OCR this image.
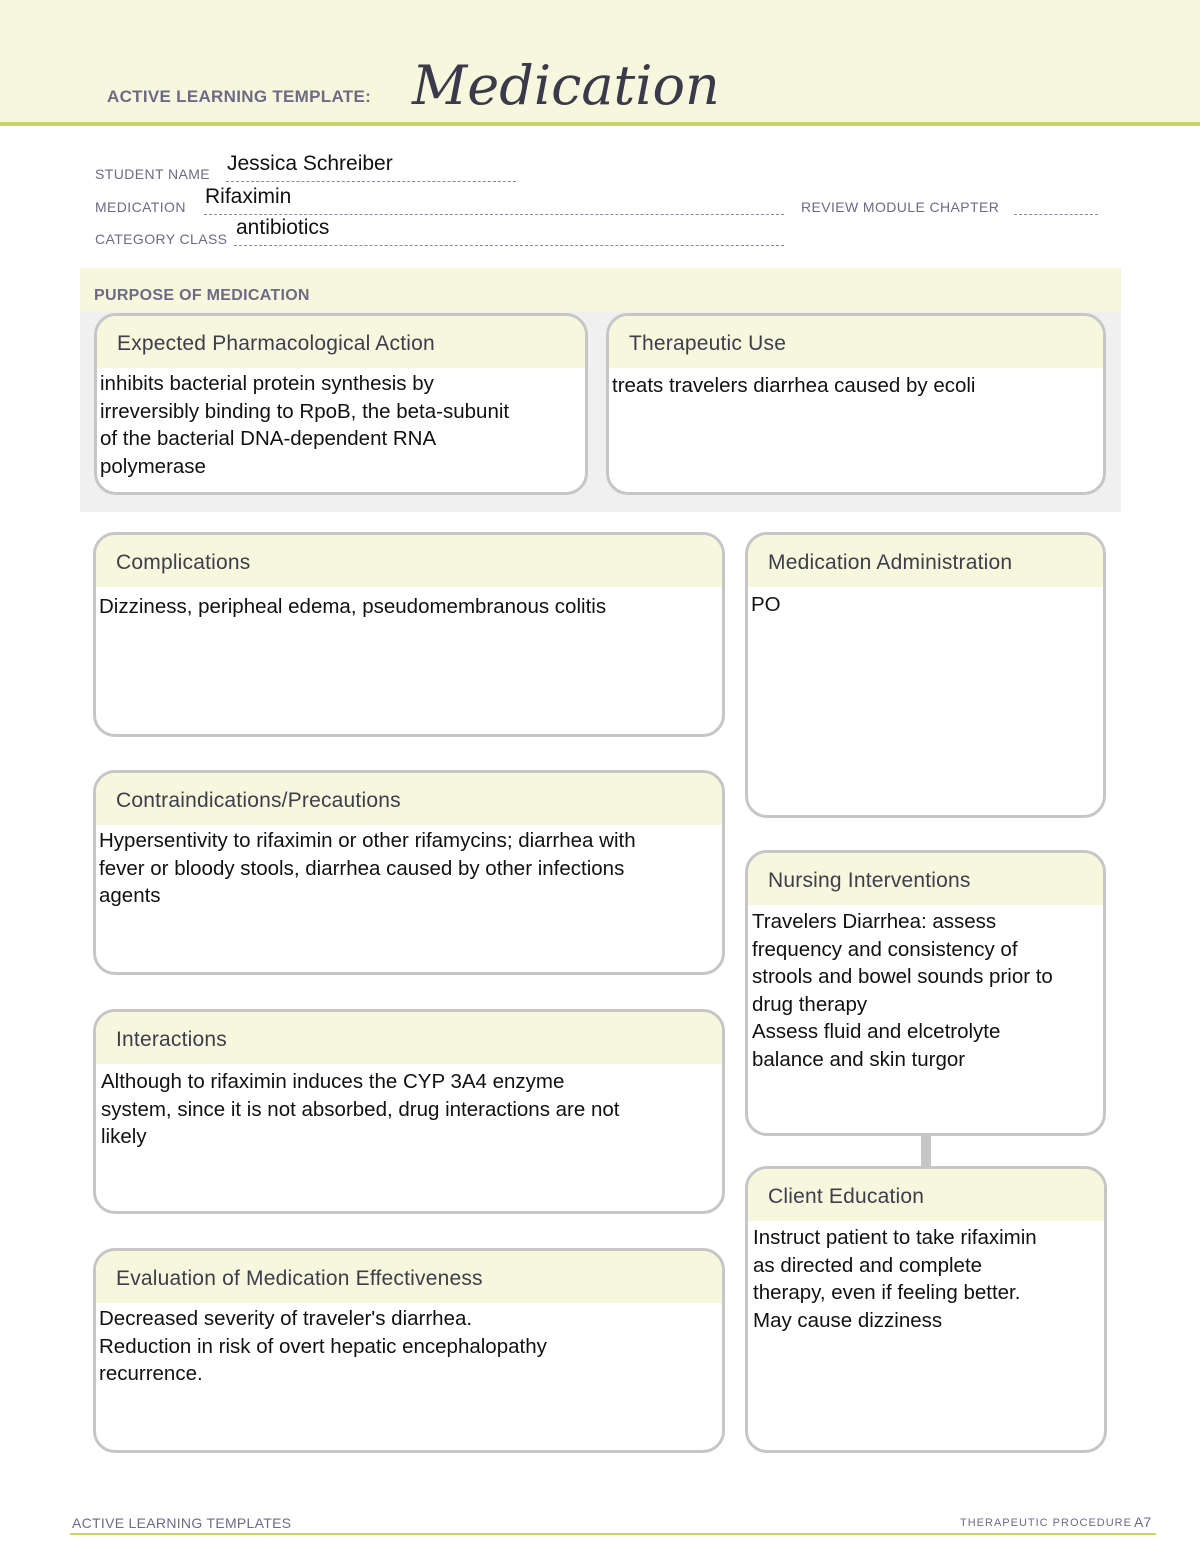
ACTIVE LEARNING TEMPLATE: Medication
STUDENT NAME Jessica Schreiber
MEDICATION Rifaximin	REVIEW MODULE CHAPTER
CATEGORY CLASS antibiotics
PURPOSE OF MEDICATION
Expected Pharmacological Action
inhibits bacterial protein synthesis by
irreversibly binding to RpoB, the beta-subunit
of the bacterial DNA-dependent RNA
polymerase
Therapeutic Use
treats travelers diarrhea caused by ecoli
Complications
Dizziness, peripheal edema, pseudomembranous colitis
Contraindications/Precautions
Hypersentivity to rifaximin or other rifamycins; diarrhea with
fever or bloody stools, diarrhea caused by other infections
agents
Interactions
Although to rifaximin induces the CYP 3A4 enzyme
system, since it is not absorbed, drug interactions are not
likely
Evaluation of Medication Effectiveness
Decreased severity of traveler's diarrhea.
Reduction in risk of overt hepatic encephalopathy
recurrence.
Medication Administration
PO
Nursing Interventions
Travelers Diarrhea: assess
frequency and consistency of
strools and bowel sounds prior to
drug therapy
Assess fluid and elcetrolyte
balance and skin turgor
Client Education
Instruct patient to take rifaximin
as directed and complete
therapy, even if feeling better.
May cause dizziness
ACTIVE LEARNING TEMPLATES	THERAPEUTIC PROCEDURE A7
